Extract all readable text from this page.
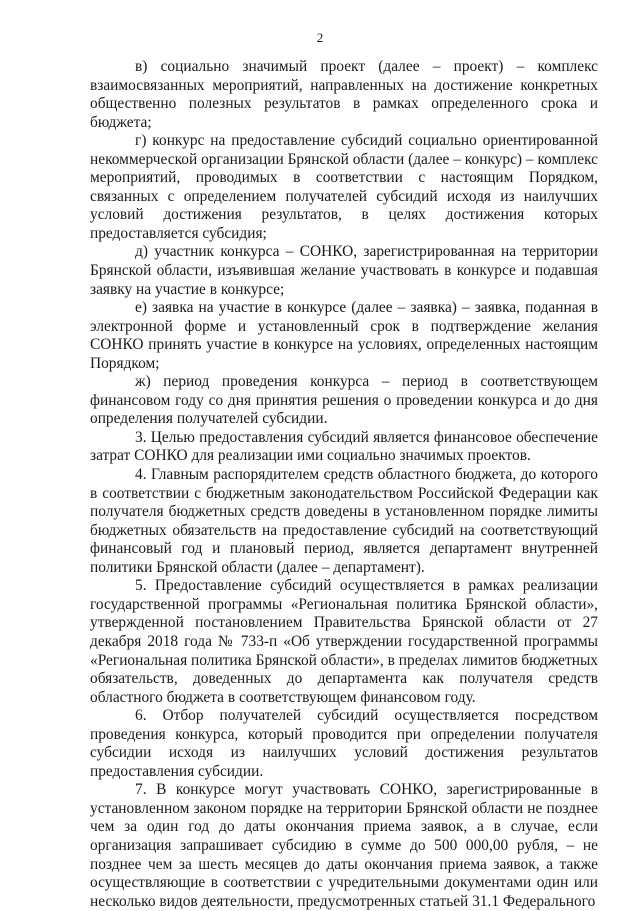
2

в) социально значимый проект (далее – проект) – комплекс взаимосвязанных мероприятий, направленных на достижение конкретных общественно полезных результатов в рамках определенного срока и бюджета;

г) конкурс на предоставление субсидий социально ориентированной некоммерческой организации Брянской области (далее – конкурс) – комплекс мероприятий, проводимых в соответствии с настоящим Порядком, связанных с определением получателей субсидий исходя из наилучших условий достижения результатов, в целях достижения которых предоставляется субсидия;

д) участник конкурса – СОНКО, зарегистрированная на территории Брянской области, изъявившая желание участвовать в конкурсе и подавшая заявку на участие в конкурсе;

е) заявка на участие в конкурсе (далее – заявка) – заявка, поданная в электронной форме и установленный срок в подтверждение желания СОНКО принять участие в конкурсе на условиях, определенных настоящим Порядком;

ж) период проведения конкурса – период в соответствующем финансовом году со дня принятия решения о проведении конкурса и до дня определения получателей субсидии.

3. Целью предоставления субсидий является финансовое обеспечение затрат СОНКО для реализации ими социально значимых проектов.

4. Главным распорядителем средств областного бюджета, до которого в соответствии с бюджетным законодательством Российской Федерации как получателя бюджетных средств доведены в установленном порядке лимиты бюджетных обязательств на предоставление субсидий на соответствующий финансовый год и плановый период, является департамент внутренней политики Брянской области (далее – департамент).

5. Предоставление субсидий осуществляется в рамках реализации государственной программы «Региональная политика Брянской области», утвержденной постановлением Правительства Брянской области от 27 декабря 2018 года № 733-п «Об утверждении государственной программы «Региональная политика Брянской области», в пределах лимитов бюджетных обязательств, доведенных до департамента как получателя средств областного бюджета в соответствующем финансовом году.

6. Отбор получателей субсидий осуществляется посредством проведения конкурса, который проводится при определении получателя субсидии исходя из наилучших условий достижения результатов предоставления субсидии.

7. В конкурсе могут участвовать СОНКО, зарегистрированные в установленном законом порядке на территории Брянской области не позднее чем за один год до даты окончания приема заявок, а в случае, если организация запрашивает субсидию в сумме до 500 000,00 рубля, – не позднее чем за шесть месяцев до даты окончания приема заявок, а также осуществляющие в соответствии с учредительными документами один или несколько видов деятельности, предусмотренных статьей 31.1 Федерального
